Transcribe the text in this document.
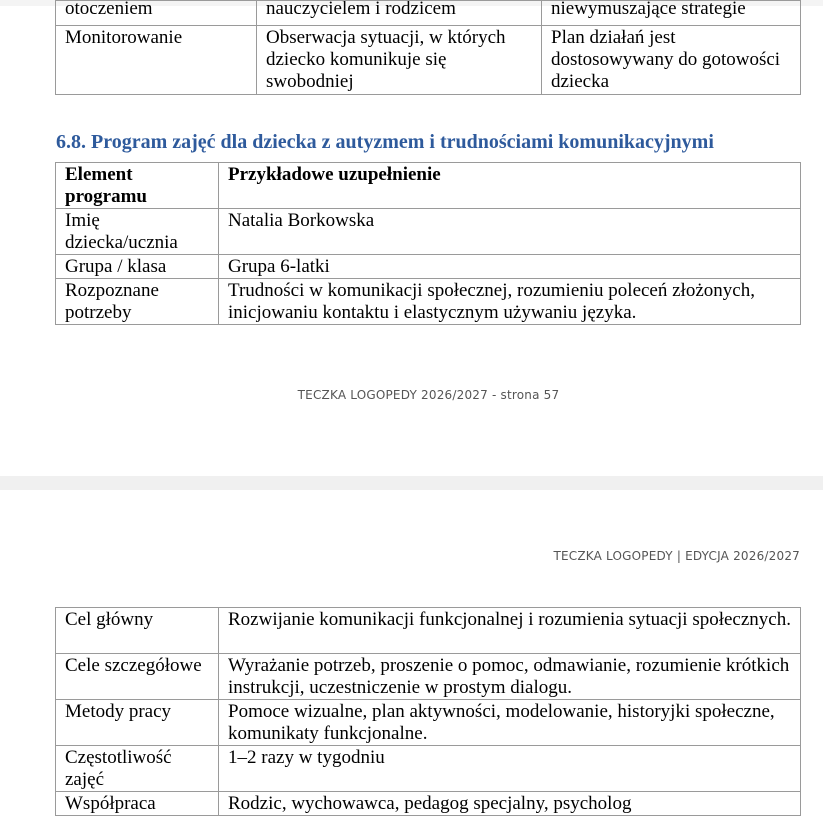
otoczeniem	nauczycielem i rodzicem	niewymuszające strategie

Monitorowanie	Obserwacja sytuacji, w których dziecko komunikuje się swobodniej	Plan działań jest dostosowywany do gotowości dziecka
6.8. Program zajęć dla dziecka z autyzmem i trudnościami komunikacyjnymi
Element programu	Przykładowe uzupełnienie
Imię dziecka/ucznia	Natalia Borkowska
Grupa / klasa	Grupa 6-latki
Rozpoznane potrzeby	Trudności w komunikacji społecznej, rozumieniu poleceń złożonych, inicjowaniu kontaktu i elastycznym używaniu języka.
TECZKA LOGOPEDY 2026/2027 - strona 57
TECZKA LOGOPEDY | EDYCJA 2026/2027
Cel główny	Rozwijanie komunikacji funkcjonalnej i rozumienia sytuacji społecznych.
Cele szczegółowe	Wyrażanie potrzeb, proszenie o pomoc, odmawianie, rozumienie krótkich instrukcji, uczestniczenie w prostym dialogu.
Metody pracy	Pomoce wizualne, plan aktywności, modelowanie, historyjki społeczne, komunikaty funkcjonalne.
Częstotliwość zajęć	1–2 razy w tygodniu
Współpraca	Rodzic, wychowawca, pedagog specjalny, psycholog
